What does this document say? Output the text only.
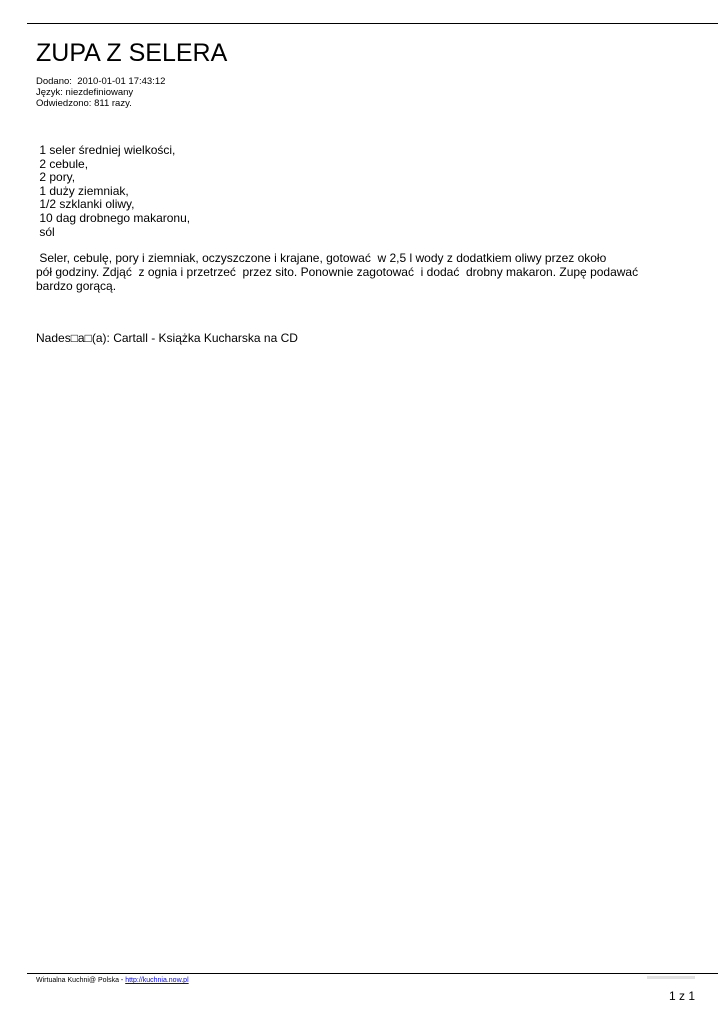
ZUPA Z SELERA
Dodano:  2010-01-01 17:43:12
Język: niezdefiniowany
Odwiedzono: 811 razy.
1 seler średniej wielkości,
2 cebule,
2 pory,
1 duży ziemniak,
1/2 szklanki oliwy,
10 dag drobnego makaronu,
sól
Seler, cebulę, pory i ziemniak, oczyszczone i krajane, gotować  w 2,5 l wody z dodatkiem oliwy przez około
pół godziny. Zdjąć  z ognia i przetrzeć  przez sito. Ponownie zagotować  i dodać  drobny makaron. Zupę podawać
bardzo gorącą.
Nades□a□(a): Cartall - Książka Kucharska na CD
Wirtualna Kuchni@ Polska - http://kuchnia.now.pl
1 z 1
